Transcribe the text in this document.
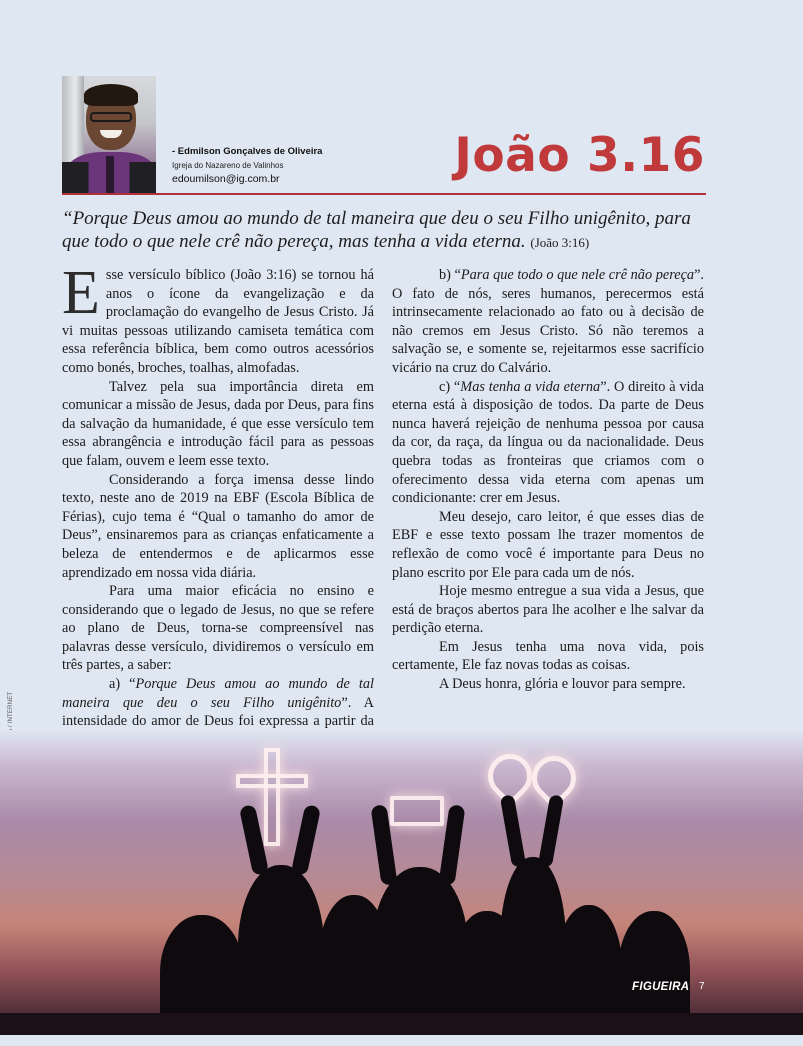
- Edmilson Gonçalves de Oliveira
Igreja do Nazareno de Valinhos
edoumilson@ig.com.br	João 3.16
“Porque Deus amou ao mundo de tal maneira que deu o seu Filho unigênito, para que todo o que nele crê não pereça, mas tenha a vida eterna. (João 3:16)

Esse versículo bíblico (João 3:16) se tornou há anos o ícone da evangelização e da proclamação do evangelho de Jesus Cristo. Já vi muitas pessoas utilizando camiseta temática com essa referência bíblica, bem como outros acessórios como bonés, broches, toalhas, almofadas.

Talvez pela sua importância direta em comunicar a missão de Jesus, dada por Deus, para fins da salvação da humanidade, é que esse versículo tem essa abrangência e introdução fácil para as pessoas que falam, ouvem e leem esse texto.

Considerando a força imensa desse lindo texto, neste ano de 2019 na EBF (Escola Bíblica de Férias), cujo tema é “Qual o tamanho do amor de Deus”, ensinaremos para as crianças enfaticamente a beleza de entendermos e de aplicarmos esse aprendizado em nossa vida diária.

Para uma maior eficácia no ensino e considerando que o legado de Jesus, no que se refere ao plano de Deus, torna-se compreensível nas palavras desse versículo, dividiremos o versículo em três partes, a saber:

a) “Porque Deus amou ao mundo de tal maneira que deu o seu Filho unigênito”. A intensidade do amor de Deus foi expressa a partir da

b) “Para que todo o que nele crê não pereça”. O fato de nós, seres humanos, perecermos está intrinsecamente relacionado ao fato ou à decisão de não cremos em Jesus Cristo. Só não teremos a salvação se, e somente se, rejeitarmos esse sacrifício vicário na cruz do Calvário.

c) “Mas tenha a vida eterna”. O direito à vida eterna está à disposição de todos. Da parte de Deus nunca haverá rejeição de nenhuma pessoa por causa da cor, da raça, da língua ou da nacionalidade. Deus quebra todas as fronteiras que criamos com o oferecimento dessa vida eterna com apenas um condicionante: crer em Jesus.

Meu desejo, caro leitor, é que esses dias de EBF e esse texto possam lhe trazer momentos de reflexão de como você é importante para Deus no plano escrito por Ele para cada um de nós.

Hoje mesmo entregue a sua vida a Jesus, que está de braços abertos para lhe acolher e lhe salvar da perdição eterna.

Em Jesus tenha uma nova vida, pois certamente, Ele faz novas todas as coisas.

A Deus honra, glória e louvor para sempre.

FIGUEIRA 7
